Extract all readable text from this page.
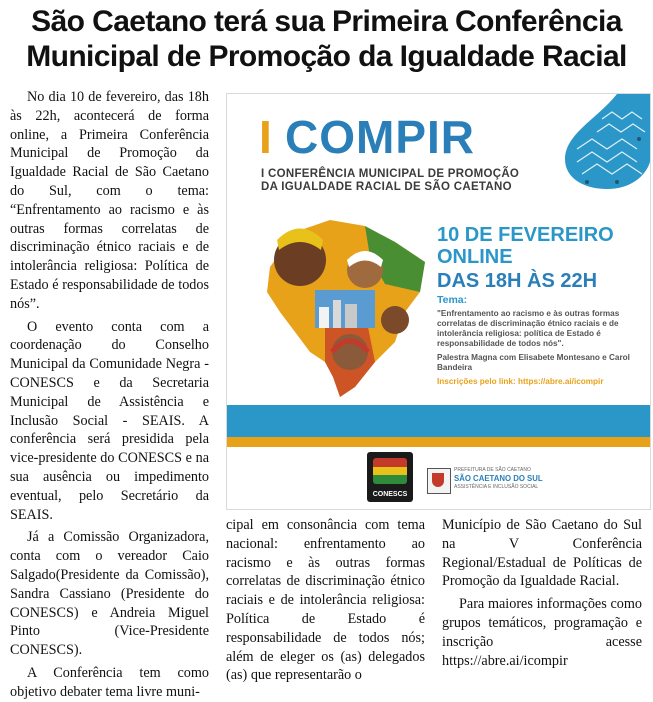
São Caetano terá sua Primeira Conferência
Municipal de Promoção da Igualdade Racial

No dia 10 de fevereiro, das 18h às 22h, acontecerá de forma online, a Primeira Conferência Municipal de Promoção da Igualdade Racial de São Caetano do Sul, com o tema: “Enfrentamento ao racismo e às outras formas correlatas de discriminação étnico raciais e de intolerância religiosa: Política de Estado é responsabilidade de todos nós”.

O evento conta com a coordenação do Conselho Municipal da Comunidade Negra - CONESCS e da Secretaria Municipal de Assistência e Inclusão Social - SEAIS. A conferência será presidida pela vice-presidente do CONESCS e na sua ausência ou impedimento eventual, pelo Secretário da SEAIS.

Já a Comissão Organizadora, conta com o vereador Caio Salgado(Presidente da Comissão), Sandra Cassiano (Presidente do CONESCS) e Andreia Miguel Pinto (Vice-Presidente CONESCS).

A Conferência tem como objetivo debater tema livre muni-

I COMPIR
I CONFERÊNCIA MUNICIPAL DE PROMOÇÃO
DA IGUALDADE RACIAL DE SÃO CAETANO
10 DE FEVEREIRO
ONLINE
DAS 18H ÀS 22H
Tema:
"Enfrentamento ao racismo e às outras formas correlatas de discriminação étnico raciais e de intolerância religiosa: política de Estado é responsabilidade de todos nós".
Palestra Magna com Elisabete Montesano e Carol Bandeira
Inscrições pelo link: https://abre.ai/icompir
CONESCS
PREFEITURA DE SÃO CAETANO
SÃO CAETANO DO SUL
ASSISTÊNCIA E INCLUSÃO SOCIAL

cipal em consonância com tema nacional: enfrentamento ao racismo e às outras formas correlatas de discriminação étnico raciais e de intolerância religiosa: Política de Estado é responsabilidade de todos nós; além de eleger os (as) delegados (as) que representarão o

Município de São Caetano do Sul na V Conferência Regional/Estadual de Políticas de Promoção da Igualdade Racial.

Para maiores informações como grupos temáticos, programação e inscrição acesse https://abre.ai/icompir
